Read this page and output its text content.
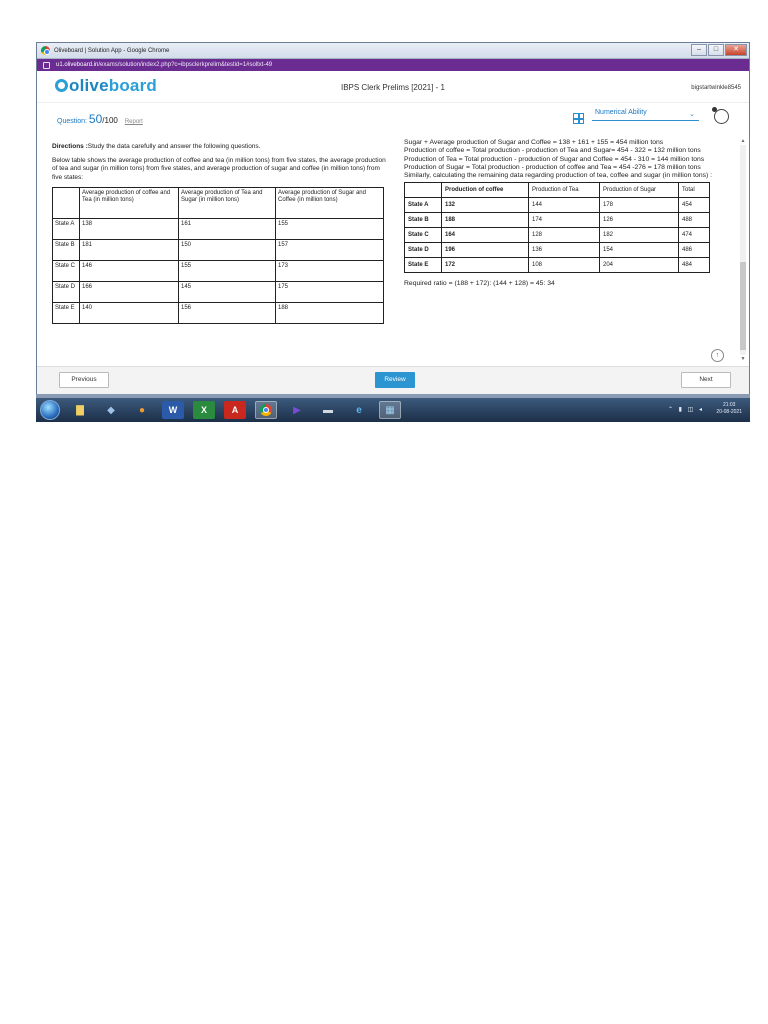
Oliveboard | Solution App - Google Chrome	–	□	✕
u1.oliveboard.in /exams/solution/index2.php?c=ibpsclerkprelim&testid=1#soltxt-49
oliveboard	IBPS Clerk Prelims [2021] - 1	bigstartwinkle8545
Question: 50/100 Report
Numerical Ability	⌄

Directions :Study the data carefully and answer the following questions.

Below table shows the average production of coffee and tea (in million tons) from five states, the average production of tea and sugar (in million tons) from five states, and average production of sugar and coffee (in million tons) from five states:

	Average production of coffee and Tea (in million tons)	Average production of Tea and Sugar (in million tons)	Average production of Sugar and Coffee (in million tons)
State A	138	161	155
State B	181	150	157
State C	146	155	173
State D	166	145	175
State E	140	156	188
Sugar + Average production of Sugar and Coffee = 138 + 161 + 155 = 454 million tons
Production of coffee = Total production - production of Tea and Sugar= 454 - 322 = 132 million tons
Production of Tea = Total production - production of Sugar and Coffee = 454 - 310 = 144 million tons
Production of Sugar = Total production - production of coffee and Tea = 454 -276 = 178 million tons
Similarly, calculating the remaining data regarding production of tea, coffee and sugar (in million tons) :
	Production of coffee	Production of Tea	Production of Sugar	Total
State A	132	144	178	454
State B	188	174	126	488
State C	164	128	182	474
State D	196	136	154	486
State E	172	108	204	484
Required ratio = (188 + 172): (144 + 128) = 45: 34
▲
▼
↑
Previous	Review	Next
▇	◆	●	W	X	A	▶	▬	e	▦	⌃ ▮ ◫ ◂
21:03
20-08-2021
